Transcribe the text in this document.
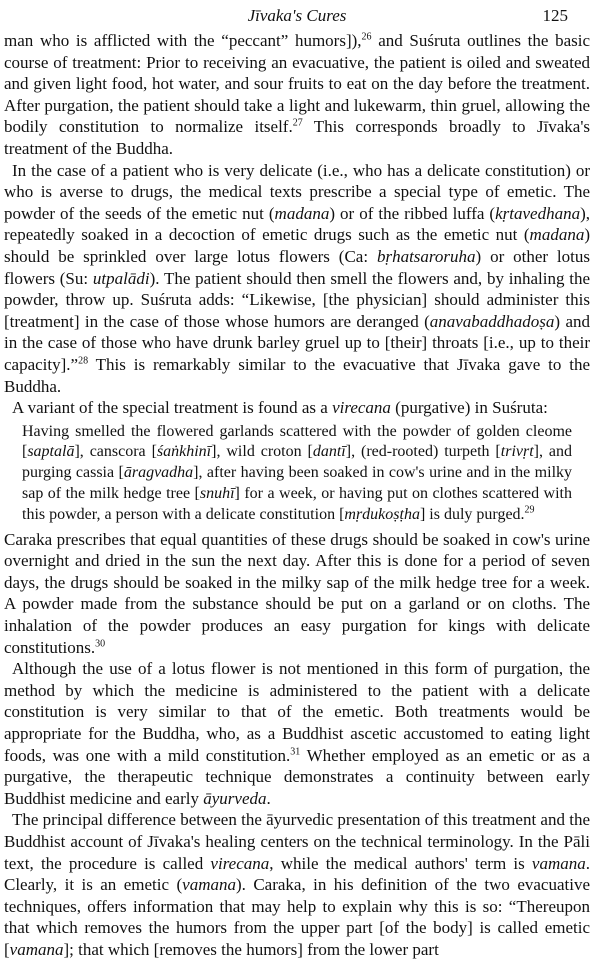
Jīvaka's Cures	125

man who is afflicted with the “peccant” humors]),$^{26}$ and Suśruta outlines the basic course of treatment: Prior to receiving an evacuative, the patient is oiled and sweated and given light food, hot water, and sour fruits to eat on the day before the treatment. After purgation, the patient should take a light and lukewarm, thin gruel, allowing the bodily constitution to normalize itself.$^{27}$ This corresponds broadly to Jīvaka's treatment of the Buddha.

In the case of a patient who is very delicate (i.e., who has a delicate constitution) or who is averse to drugs, the medical texts prescribe a special type of emetic. The powder of the seeds of the emetic nut (madana) or of the ribbed luffa (kṛtavedhana), repeatedly soaked in a decoction of emetic drugs such as the emetic nut (madana) should be sprinkled over large lotus flowers (Ca: bṛhatsaroruha) or other lotus flowers (Su: utpalādi). The patient should then smell the flowers and, by inhaling the powder, throw up. Suśruta adds: “Likewise, [the physician] should administer this [treatment] in the case of those whose humors are deranged (anavabaddhadoṣa) and in the case of those who have drunk barley gruel up to [their] throats [i.e., up to their capacity].”$^{28}$ This is remarkably similar to the evacuative that Jīvaka gave to the Buddha.

A variant of the special treatment is found as a virecana (purgative) in Suśruta:

Having smelled the flowered garlands scattered with the powder of golden cleome [saptalā], canscora [śaṅkhinī], wild croton [dantī], (red-rooted) turpeth [trivṛt], and purging cassia [āragvadha], after having been soaked in cow's urine and in the milky sap of the milk hedge tree [snuhī] for a week, or having put on clothes scattered with this powder, a person with a delicate constitution [mṛdukoṣṭha] is duly purged.$^{29}$

Caraka prescribes that equal quantities of these drugs should be soaked in cow's urine overnight and dried in the sun the next day. After this is done for a period of seven days, the drugs should be soaked in the milky sap of the milk hedge tree for a week. A powder made from the substance should be put on a garland or on cloths. The inhalation of the powder produces an easy purgation for kings with delicate constitutions.$^{30}$

Although the use of a lotus flower is not mentioned in this form of purgation, the method by which the medicine is administered to the patient with a delicate constitution is very similar to that of the emetic. Both treatments would be appropriate for the Buddha, who, as a Buddhist ascetic accustomed to eating light foods, was one with a mild constitution.$^{31}$ Whether employed as an emetic or as a purgative, the therapeutic technique demonstrates a continuity between early Buddhist medicine and early āyurveda.

The principal difference between the āyurvedic presentation of this treatment and the Buddhist account of Jīvaka's healing centers on the technical terminology. In the Pāli text, the procedure is called virecana, while the medical authors' term is vamana. Clearly, it is an emetic (vamana). Caraka, in his definition of the two evacuative techniques, offers information that may help to explain why this is so: “Thereupon that which removes the humors from the upper part [of the body] is called emetic [vamana]; that which [removes the humors] from the lower part
